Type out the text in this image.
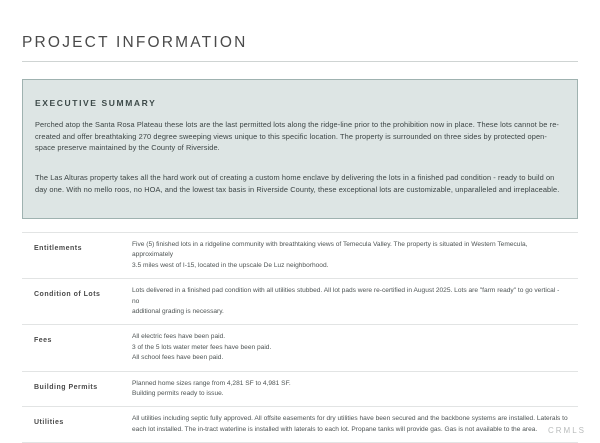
PROJECT INFORMATION
EXECUTIVE SUMMARY
Perched atop the Santa Rosa Plateau these lots are the last permitted lots along the ridge-line prior to the prohibition now in place. These lots cannot be re-created and offer breathtaking 270 degree sweeping views unique to this specific location. The property is surrounded on three sides by protected open-space preserve maintained by the County of Riverside.
The Las Alturas property takes all the hard work out of creating a custom home enclave by delivering the lots in a finished pad condition - ready to build on day one. With no mello roos, no HOA, and the lowest tax basis in Riverside County, these exceptional lots are customizable, unparalleled and irreplaceable.
Entitlements
Five (5) finished lots in a ridgeline community with breathtaking views of Temecula Valley. The property is situated in Western Temecula, approximately
3.5 miles west of I-15, located in the upscale De Luz neighborhood.
Condition of Lots
Lots delivered in a finished pad condition with all utilities stubbed. All lot pads were re-certified in August 2025. Lots are "farm ready" to go vertical - no
additional grading is necessary.
Fees
All electric fees have been paid.
3 of the 5 lots water meter fees have been paid.
All school fees have been paid.
Building Permits
Planned home sizes range from 4,281 SF to 4,981 SF.
Building permits ready to issue.
Utilities
All utilities including septic fully approved. All offsite easements for dry utilities have been secured and the backbone systems are installed. Laterals to
each lot installed. The in-tract waterline is installed with laterals to each lot. Propane tanks will provide gas. Gas is not available to the area.	CRMLS
